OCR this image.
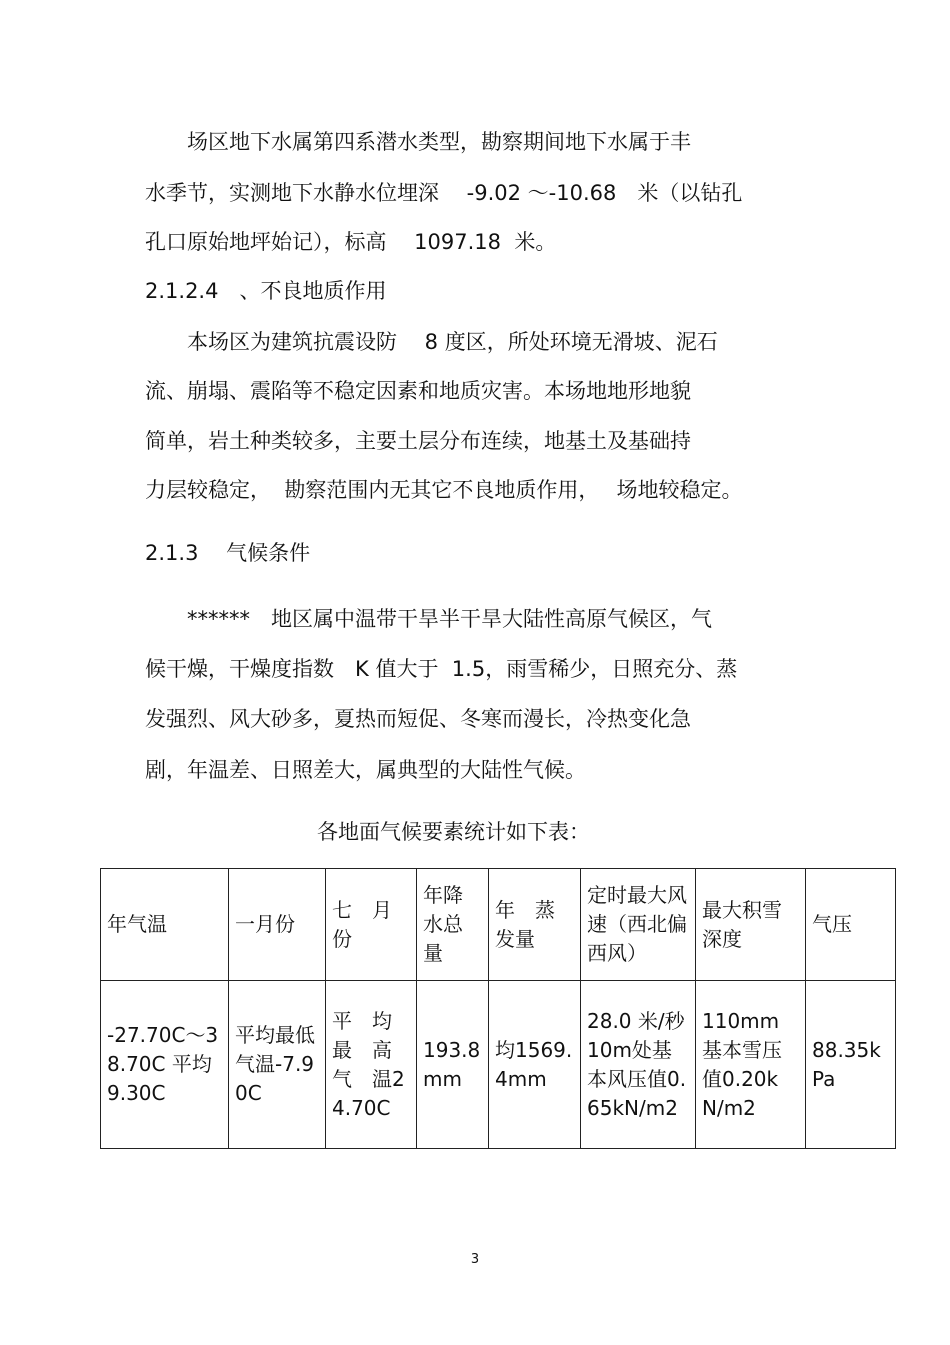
场区地下水属第四系潜水类型，勘察期间地下水属于丰

水季节，实测地下水静水位埋深　 -9.02 ～-10.68　米（以钻孔

孔口原始地坪始记），标高　 1097.18  米。

2.1.2.4　、不良地质作用

本场区为建筑抗震设防　 8 度区，所处环境无滑坡、泥石

流、崩塌、震陷等不稳定因素和地质灾害。本场地地形地貌

简单，岩土种类较多，主要土层分布连续，地基土及基础持

力层较稳定，  勘察范围内无其它不良地质作用，　 场地较稳定。

2.1.3　 气候条件

******　地区属中温带干旱半干旱大陆性高原气候区，气

候干燥，干燥度指数　K 值大于  1.5，雨雪稀少，日照充分、蒸

发强烈、风大砂多，夏热而短促、冬寒而漫长，冷热变化急

剧，年温差、日照差大，属典型的大陆性气候。

各地面气候要素统计如下表：
年气温	一月份	七　月份	年降水总量	年　蒸发量	定时最大风速（西北偏西风）	最大积雪深度	气压
-27.70C～38.70C 平均9.30C	平均最低气温-7.90C	平　均最　高气　温24.70C	193.8mm	均1569.4mm	28.0 米/秒 10m处基本风压值0.65kN/m2	110mm基本雪压值0.20kN/m2	88.35kPa
3
